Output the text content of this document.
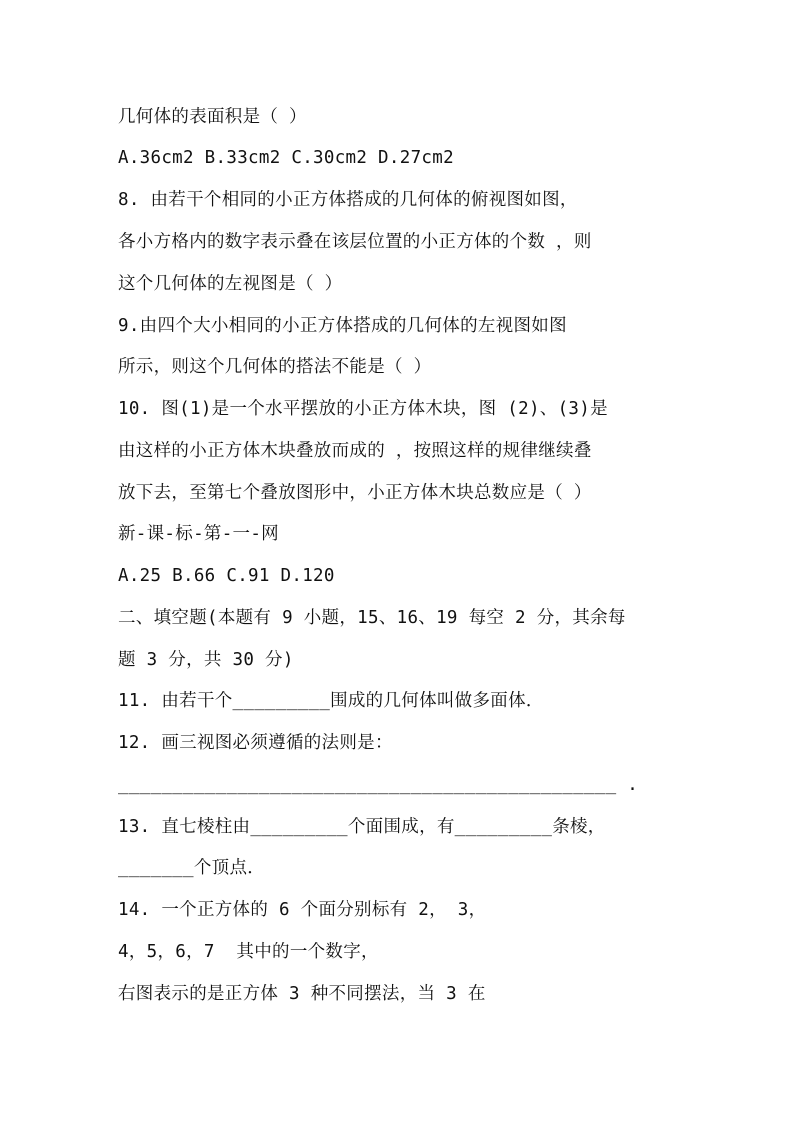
几何体的表面积是（ ）
A.36cm2 B.33cm2 C.30cm2 D.27cm2
8. 由若干个相同的小正方体搭成的几何体的俯视图如图，
各小方格内的数字表示叠在该层位置的小正方体的个数 ，则
这个几何体的左视图是（ ）
9.由四个大小相同的小正方体搭成的几何体的左视图如图
所示，则这个几何体的搭法不能是（ ）
10. 图(1)是一个水平摆放的小正方体木块，图 (2)、(3)是
由这样的小正方体木块叠放而成的 ，按照这样的规律继续叠
放下去，至第七个叠放图形中，小正方体木块总数应是（ ）
新-课-标-第-一-网
A.25 B.66 C.91 D.120
二、填空题(本题有 9 小题，15、16、19 每空 2 分，其余每
题 3 分，共 30 分)
11. 由若干个_________围成的几何体叫做多面体．
12. 画三视图必须遵循的法则是：
______________________________________________ .
13. 直七棱柱由_________个面围成，有_________条棱，
_______个顶点．
14. 一个正方体的 6 个面分别标有 2， 3，
4，5，6，7  其中的一个数字，
右图表示的是正方体 3 种不同摆法，当 3 在
